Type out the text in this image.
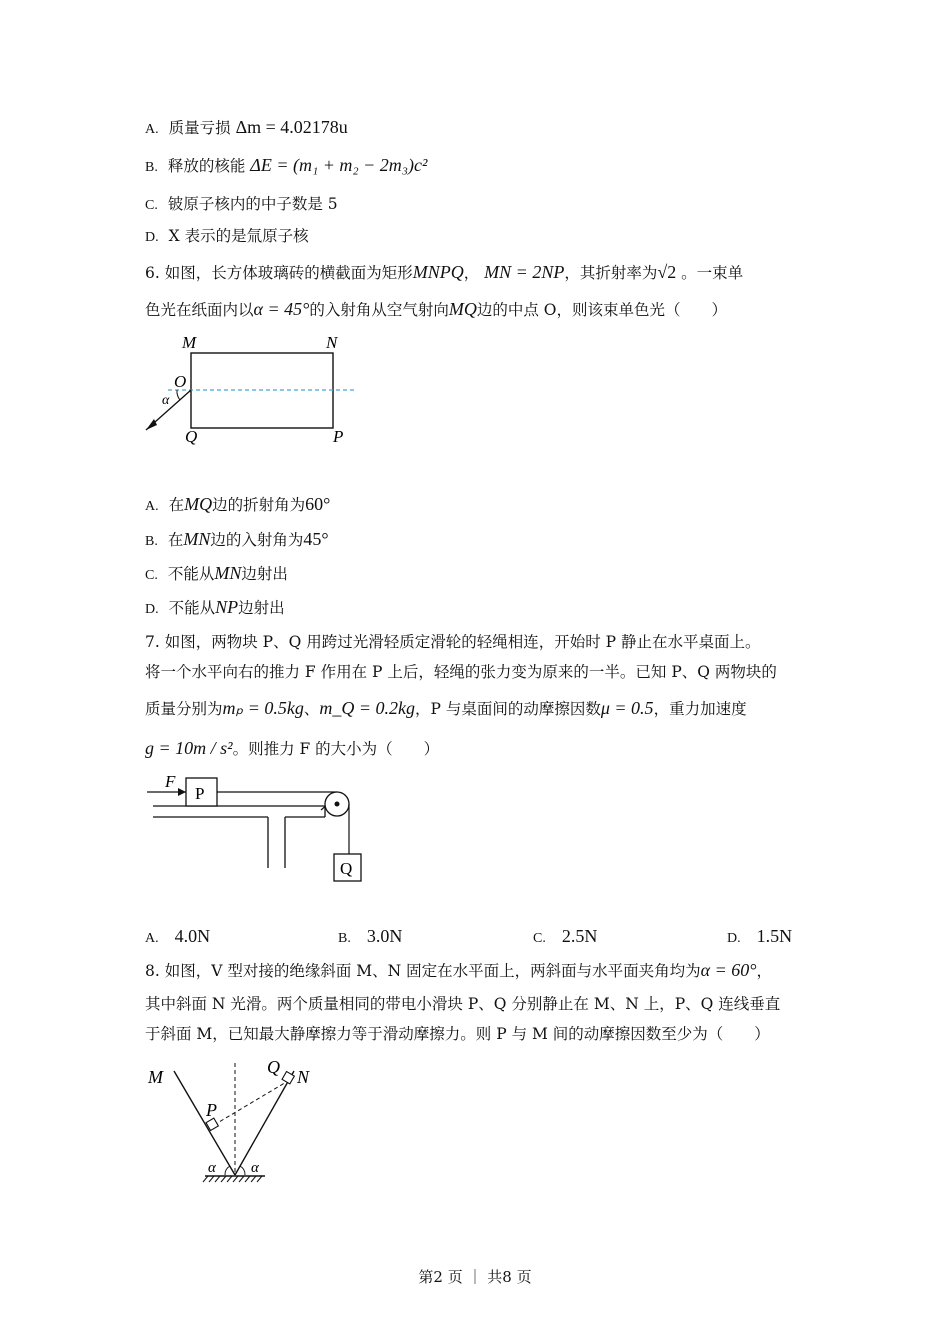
A. 质量亏损 Δm = 4.02178u
B. 释放的核能 ΔE = (m₁ + m₂ − 2m₃)c²
C. 铍原子核内的中子数是 5
D. X 表示的是氚原子核
6. 如图，长方体玻璃砖的横截面为矩形MNPQ， MN = 2NP，其折射率为√2 。一束单
色光在纸面内以α = 45°的入射角从空气射向MQ边的中点 O，则该束单色光（　　）
M	N
O
α
Q	P
A. 在MQ边的折射角为60°
B. 在MN边的入射角为45°
C. 不能从MN边射出
D. 不能从NP边射出
7. 如图，两物块 P、Q 用跨过光滑轻质定滑轮的轻绳相连，开始时 P 静止在水平桌面上。
将一个水平向右的推力 F 作用在 P 上后，轻绳的张力变为原来的一半。已知 P、Q 两物块的
质量分别为mₚ = 0.5kg、m_Q = 0.2kg，P 与桌面间的动摩擦因数μ = 0.5，重力加速度
g = 10m / s²。则推力 F 的大小为（　　）
P
F
Q
A. 4.0N	B. 3.0N	C. 2.5N	D. 1.5N
8. 如图，V 型对接的绝缘斜面 M、N 固定在水平面上，两斜面与水平面夹角均为α = 60°，
其中斜面 N 光滑。两个质量相同的带电小滑块 P、Q 分别静止在 M、N 上，P、Q 连线垂直
于斜面 M，已知最大静摩擦力等于滑动摩擦力。则 P 与 M 间的动摩擦因数至少为（　　）
M	N
P
Q
α α
第2 页 ｜ 共8 页
